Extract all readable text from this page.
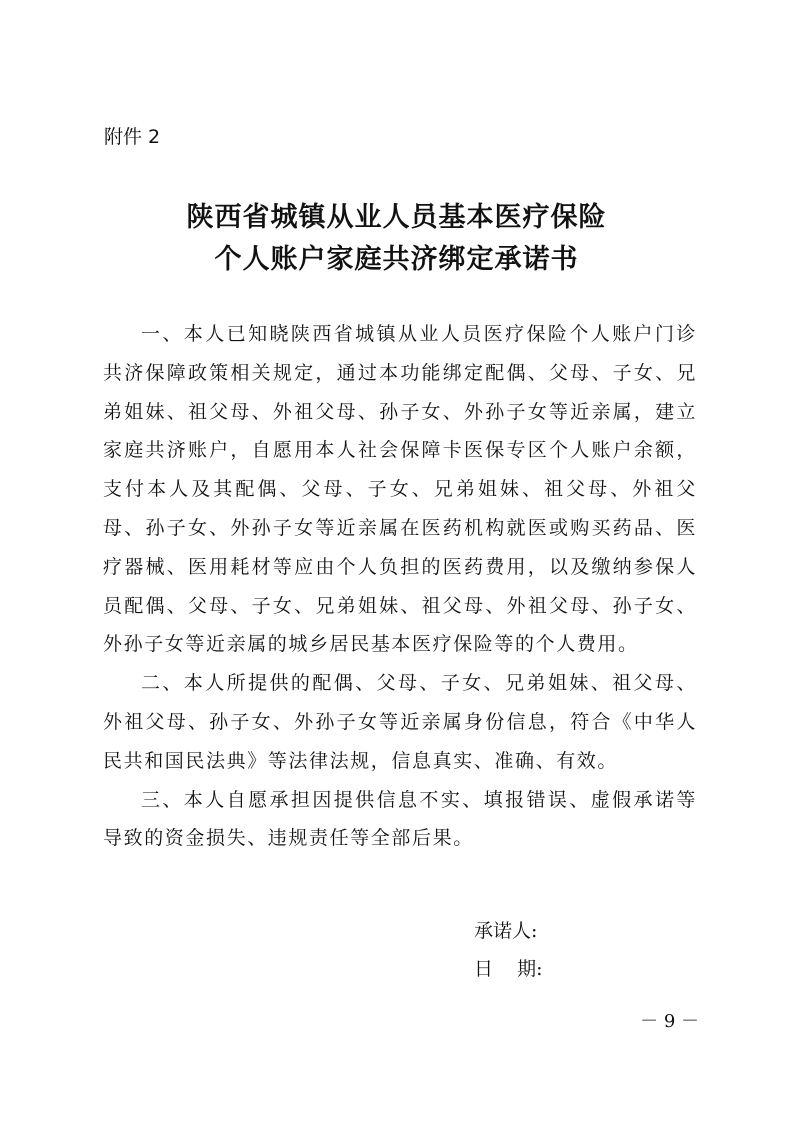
附件 2
陕西省城镇从业人员基本医疗保险
个人账户家庭共济绑定承诺书

一、本人已知晓陕西省城镇从业人员医疗保险个人账户门诊共济保障政策相关规定，通过本功能绑定配偶、父母、子女、兄弟姐妹、祖父母、外祖父母、孙子女、外孙子女等近亲属，建立家庭共济账户，自愿用本人社会保障卡医保专区个人账户余额，支付本人及其配偶、父母、子女、兄弟姐妹、祖父母、外祖父母、孙子女、外孙子女等近亲属在医药机构就医或购买药品、医疗器械、医用耗材等应由个人负担的医药费用，以及缴纳参保人员配偶、父母、子女、兄弟姐妹、祖父母、外祖父母、孙子女、外孙子女等近亲属的城乡居民基本医疗保险等的个人费用。

二、本人所提供的配偶、父母、子女、兄弟姐妹、祖父母、外祖父母、孙子女、外孙子女等近亲属身份信息，符合《中华人民共和国民法典》等法律法规，信息真实、准确、有效。

三、本人自愿承担因提供信息不实、填报错误、虚假承诺等导致的资金损失、违规责任等全部后果。

承诺人:
日    期:
－ 9 －
